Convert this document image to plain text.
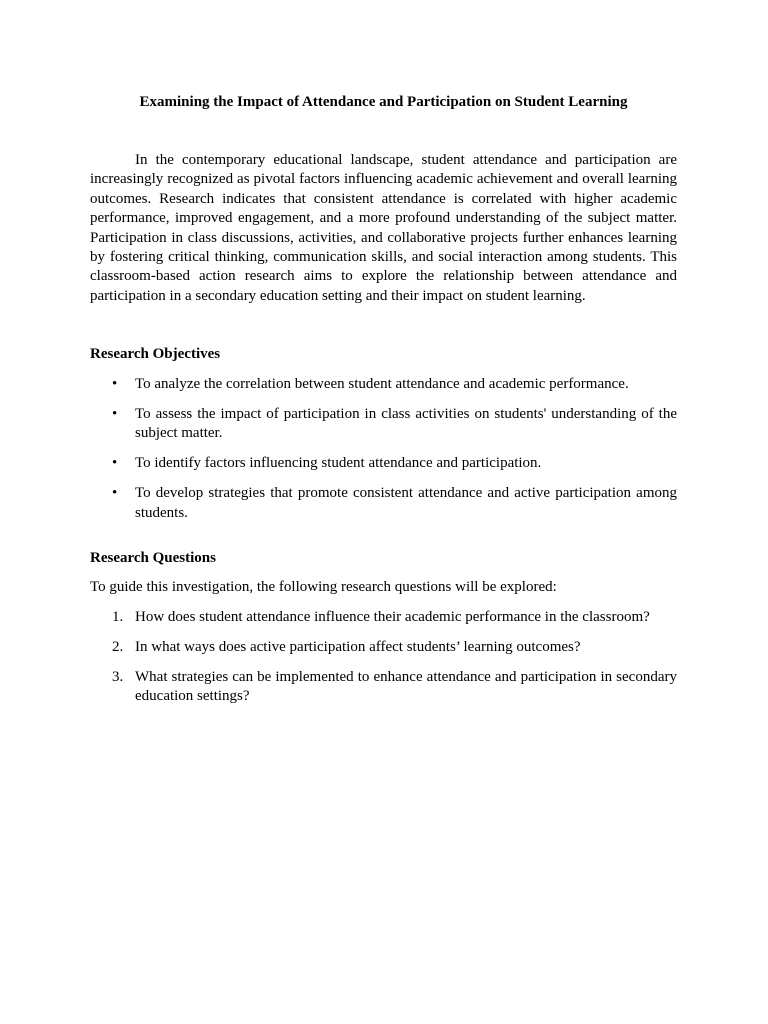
Examining the Impact of Attendance and Participation on Student Learning

In the contemporary educational landscape, student attendance and participation are increasingly recognized as pivotal factors influencing academic achievement and overall learning outcomes. Research indicates that consistent attendance is correlated with higher academic performance, improved engagement, and a more profound understanding of the subject matter. Participation in class discussions, activities, and collaborative projects further enhances learning by fostering critical thinking, communication skills, and social interaction among students. This classroom-based action research aims to explore the relationship between attendance and participation in a secondary education setting and their impact on student learning.

Research Objectives
• To analyze the correlation between student attendance and academic performance.
• To assess the impact of participation in class activities on students' understanding of the subject matter.
• To identify factors influencing student attendance and participation.
• To develop strategies that promote consistent attendance and active participation among students.
Research Questions

To guide this investigation, the following research questions will be explored:

1. How does student attendance influence their academic performance in the classroom?
2. In what ways does active participation affect students’ learning outcomes?
3. What strategies can be implemented to enhance attendance and participation in secondary education settings?
